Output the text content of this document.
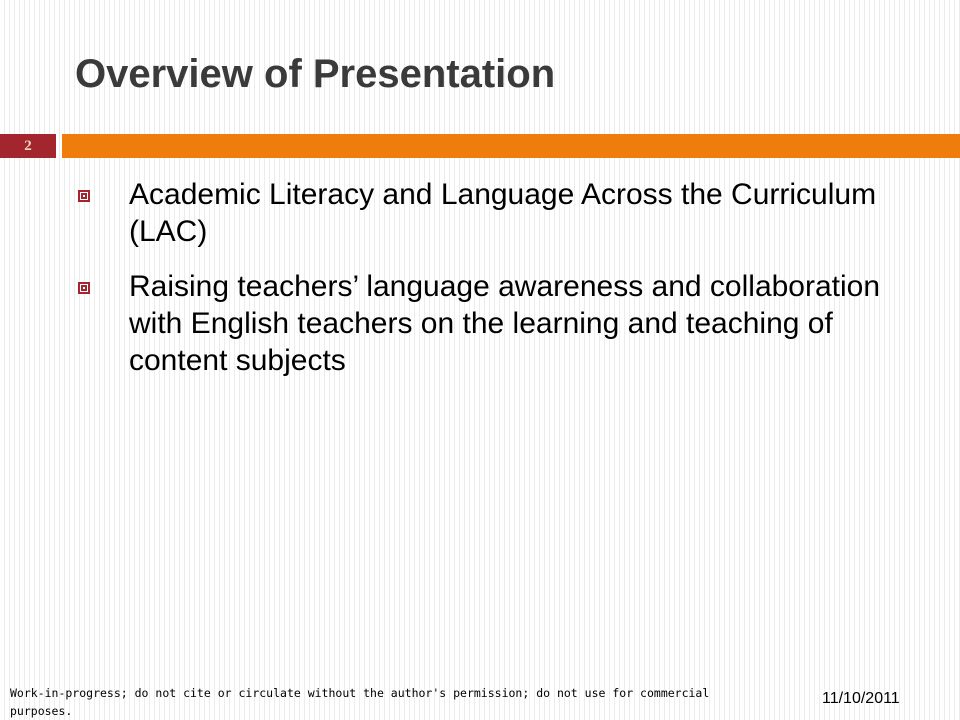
Overview of Presentation
2
Academic Literacy and Language Across the Curriculum (LAC)
Raising teachers’ language awareness and collaboration with English teachers on the learning and teaching of content subjects
Work-in-progress; do not cite or circulate without the author's permission; do not use for commercial purposes.
11/10/2011
